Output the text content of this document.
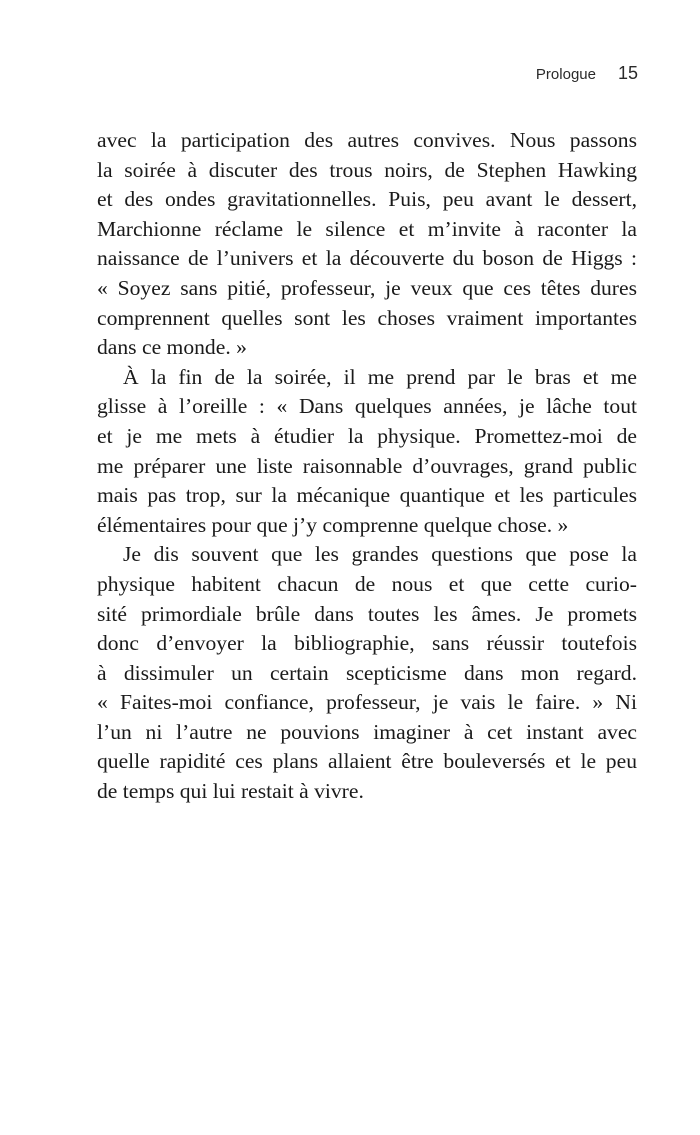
Prologue 15
avec la participation des autres convives. Nous passons
la soirée à discuter des trous noirs, de Stephen Hawking
et des ondes gravitationnelles. Puis, peu avant le dessert,
Marchionne réclame le silence et m’invite à raconter la
naissance de l’univers et la découverte du boson de Higgs :
« Soyez sans pitié, professeur, je veux que ces têtes dures
comprennent quelles sont les choses vraiment importantes
dans ce monde. »
À la fin de la soirée, il me prend par le bras et me
glisse à l’oreille : « Dans quelques années, je lâche tout
et je me mets à étudier la physique. Promettez-moi de
me préparer une liste raisonnable d’ouvrages, grand public
mais pas trop, sur la mécanique quantique et les particules
élémentaires pour que j’y comprenne quelque chose. »
Je dis souvent que les grandes questions que pose la
physique habitent chacun de nous et que cette curio-
sité primordiale brûle dans toutes les âmes. Je promets
donc d’envoyer la bibliographie, sans réussir toutefois
à dissimuler un certain scepticisme dans mon regard.
« Faites-moi confiance, professeur, je vais le faire. » Ni
l’un ni l’autre ne pouvions imaginer à cet instant avec
quelle rapidité ces plans allaient être bouleversés et le peu
de temps qui lui restait à vivre.
